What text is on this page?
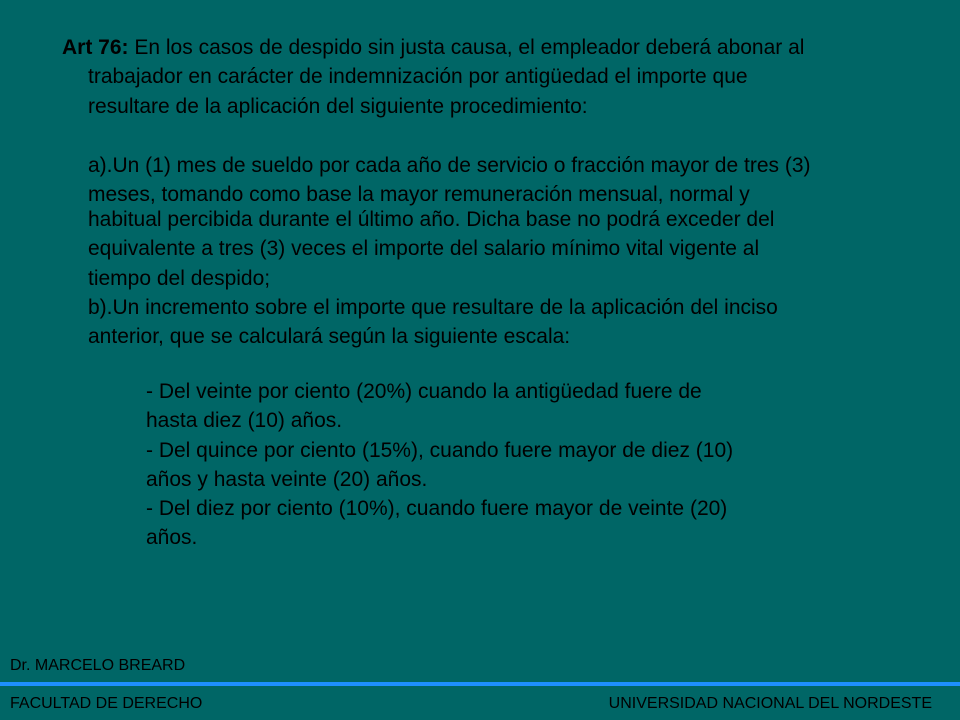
Art 76: En los casos de despido sin justa causa, el empleador deberá abonar al
trabajador en carácter de indemnización por antigüedad el importe que
resultare de la aplicación del siguiente procedimiento:
a).Un (1) mes de sueldo por cada año de servicio o fracción mayor de tres (3)
meses, tomando como base la mayor remuneración mensual, normal y
habitual percibida durante el último año. Dicha base no podrá exceder del
equivalente a tres (3) veces el importe del salario mínimo vital vigente al
tiempo del despido;
b).Un incremento sobre el importe que resultare de la aplicación del inciso
anterior, que se calculará según la siguiente escala:
- Del veinte por ciento (20%) cuando la antigüedad fuere de
hasta diez (10) años.
- Del quince por ciento (15%), cuando fuere mayor de diez (10)
años y hasta veinte (20) años.
- Del diez por ciento (10%), cuando fuere mayor de veinte (20)
años.
Dr. MARCELO BREARD
FACULTAD DE DERECHO	UNIVERSIDAD NACIONAL DEL NORDESTE
